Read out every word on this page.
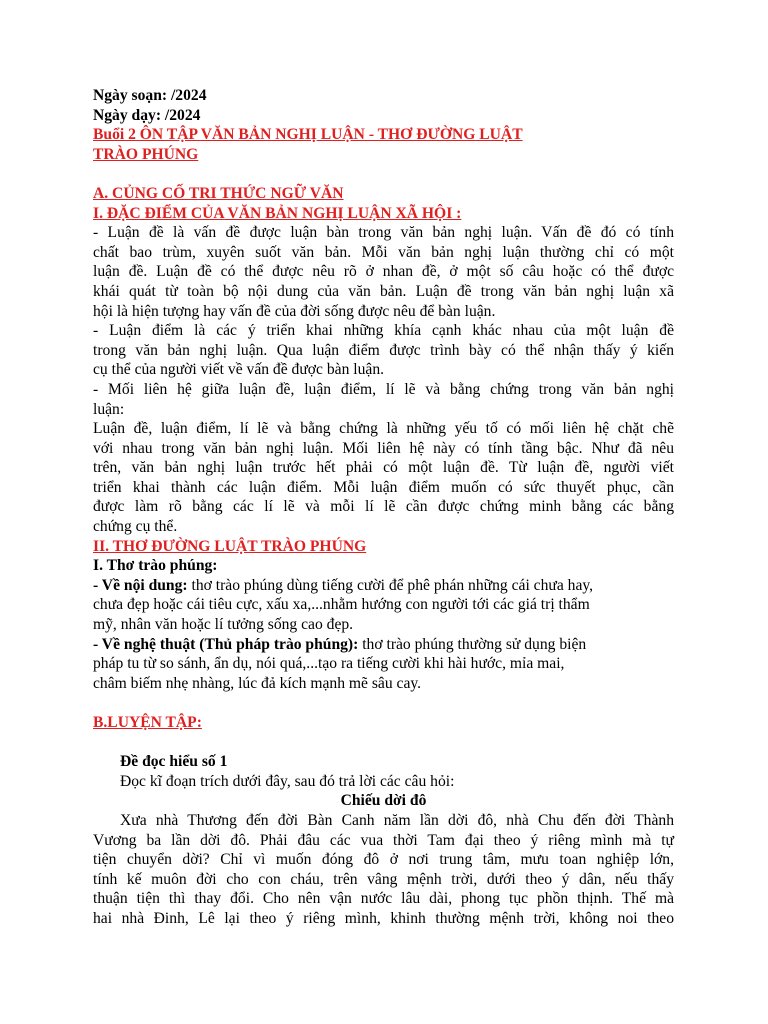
Ngày soạn: /2024
Ngày dạy: /2024
Buổi 2 ÔN TẬP VĂN BẢN NGHỊ LUẬN - THƠ ĐƯỜNG LUẬT
TRÀO PHÚNG
A. CỦNG CỐ TRI THỨC NGỮ VĂN
I. ĐẶC ĐIỂM CỦA VĂN BẢN NGHỊ LUẬN XÃ HỘI :
- Luận đề là vấn đề được luận bàn trong văn bản nghị luận. Vấn đề đó có tính
chất bao trùm, xuyên suốt văn bản. Mỗi văn bản nghị luận thường chỉ có một
luận đề. Luận đề có thể được nêu rõ ở nhan đề, ở một số câu hoặc có thể được
khái quát từ toàn bộ nội dung của văn bản. Luận đề trong văn bản nghị luận xã
hội là hiện tượng hay vấn đề của đời sống được nêu để bàn luận.
- Luận điểm là các ý triển khai những khía cạnh khác nhau của một luận đề
trong văn bản nghị luận. Qua luận điểm được trình bày có thể nhận thấy ý kiến
cụ thể của người viết về vấn đề được bàn luận.
- Mối liên hệ giữa luận đề, luận điểm, lí lẽ và bằng chứng trong văn bản nghị
luận:
Luận đề, luận điểm, lí lẽ và bằng chứng là những yếu tố có mối liên hệ chặt chẽ
với nhau trong văn bản nghị luận. Mối liên hệ này có tính tầng bậc. Như đã nêu
trên, văn bản nghị luận trước hết phải có một luận đề. Từ luận đề, người viết
triển khai thành các luận điểm. Mỗi luận điểm muốn có sức thuyết phục, cần
được làm rõ bằng các lí lẽ và mỗi lí lẽ cần được chứng minh bằng các bằng
chứng cụ thể.
II. THƠ ĐƯỜNG LUẬT TRÀO PHÚNG
I. Thơ trào phúng:
- Về nội dung: thơ trào phúng dùng tiếng cười để phê phán những cái chưa hay,
chưa đẹp hoặc cái tiêu cực, xấu xa,...nhằm hướng con người tới các giá trị thẩm
mỹ, nhân văn hoặc lí tưởng sống cao đẹp.
- Về nghệ thuật (Thủ pháp trào phúng): thơ trào phúng thường sử dụng biện
pháp tu từ so sánh, ẩn dụ, nói quá,...tạo ra tiếng cười khi hài hước, mỉa mai,
châm biếm nhẹ nhàng, lúc đả kích mạnh mẽ sâu cay.
B.LUYỆN TẬP:
Đề đọc hiểu số 1
Đọc kĩ đoạn trích dưới đây, sau đó trả lời các câu hỏi:
Chiếu dời đô
Xưa nhà Thương đến đời Bàn Canh năm lần dời đô, nhà Chu đến đời Thành
Vương ba lần dời đô. Phải đâu các vua thời Tam đại theo ý riêng mình mà tự
tiện chuyển dời? Chỉ vì muốn đóng đô ở nơi trung tâm, mưu toan nghiệp lớn,
tính kế muôn đời cho con cháu, trên vâng mệnh trời, dưới theo ý dân, nếu thấy
thuận tiện thì thay đổi. Cho nên vận nước lâu dài, phong tục phồn thịnh. Thế mà
hai nhà Đinh, Lê lại theo ý riêng mình, khinh thường mệnh trời, không noi theo
